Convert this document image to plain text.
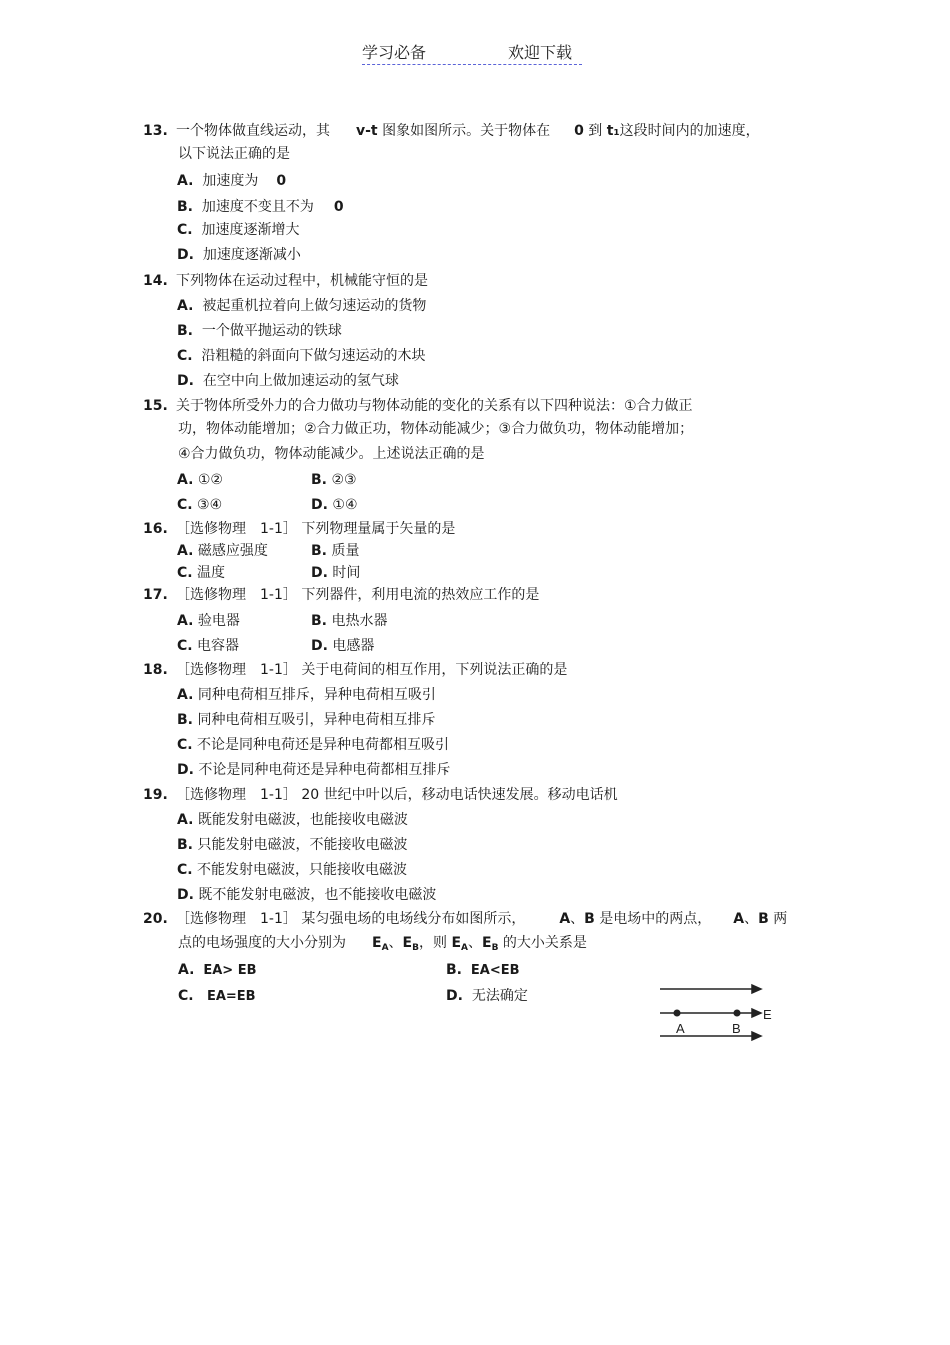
学习必备	欢迎下载
13. 一个物体做直线运动，其 v-t 图象如图所示。关于物体在 0 到 t₁这段时间内的加速度，
以下说法正确的是
A. 加速度为 0
B. 加速度不变且不为 0
C. 加速度逐渐增大
D. 加速度逐渐减小
14. 下列物体在运动过程中，机械能守恒的是
A. 被起重机拉着向上做匀速运动的货物
B. 一个做平抛运动的铁球
C. 沿粗糙的斜面向下做匀速运动的木块
D. 在空中向上做加速运动的氢气球
15. 关于物体所受外力的合力做功与物体动能的变化的关系有以下四种说法：①合力做正
功，物体动能增加；②合力做正功，物体动能减少；③合力做负功，物体动能增加；
④合力做负功，物体动能减少。上述说法正确的是
A. ①②	B. ②③
C. ③④	D. ①④
16. ［选修物理　1-1］ 下列物理量属于矢量的是
A. 磁感应强度	B. 质量
C. 温度	D. 时间
17. ［选修物理　1-1］ 下列器件，利用电流的热效应工作的是
A. 验电器	B. 电热水器
C. 电容器	D. 电感器
18. ［选修物理　1-1］ 关于电荷间的相互作用，下列说法正确的是
A. 同种电荷相互排斥，异种电荷相互吸引
B. 同种电荷相互吸引，异种电荷相互排斥
C. 不论是同种电荷还是异种电荷都相互吸引
D. 不论是同种电荷还是异种电荷都相互排斥
19. ［选修物理　1-1］ 20 世纪中叶以后，移动电话快速发展。移动电话机
A. 既能发射电磁波，也能接收电磁波
B. 只能发射电磁波，不能接收电磁波
C. 不能发射电磁波，只能接收电磁波
D. 既不能发射电磁波，也不能接收电磁波
20. ［选修物理　1-1］ 某匀强电场的电场线分布如图所示， A、B 是电场中的两点， A、B 两
点的电场强度的大小分别为 $E_A$、$E_B$，则 $E_A$、$E_B$ 的大小关系是
A. EA> EB	B. EA<EB
C. EA=EB	D. 无法确定
A	B
E
